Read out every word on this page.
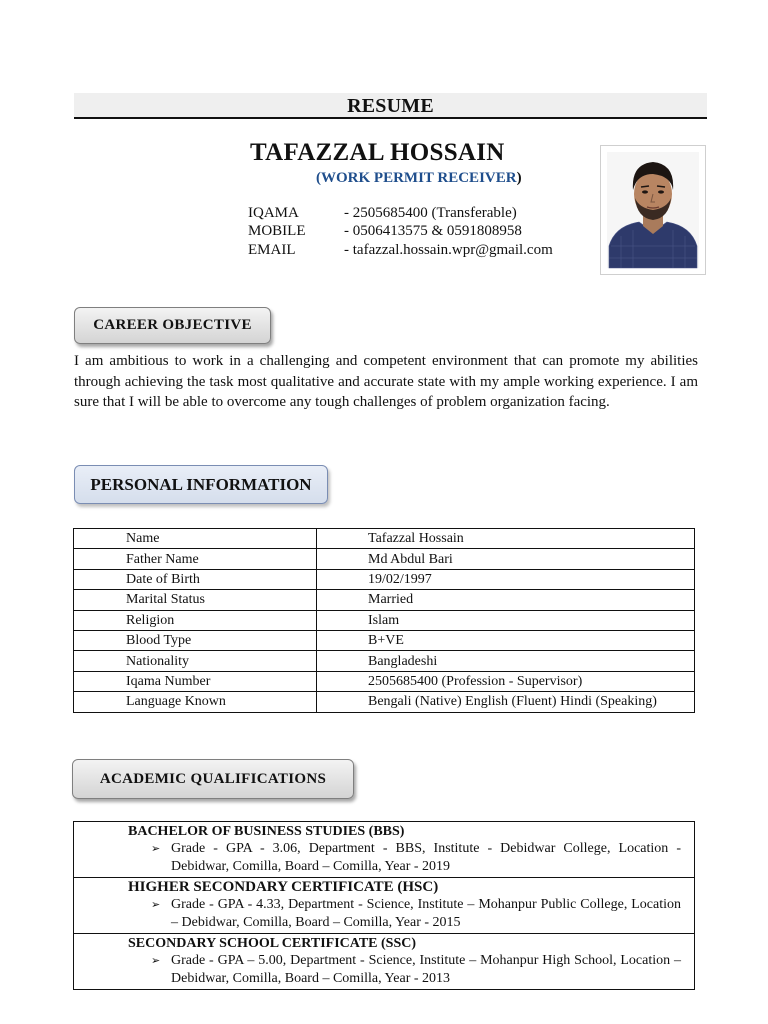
RESUME
TAFAZZAL HOSSAIN
(WORK PERMIT RECEIVER)
IQAMA	- 2505685400 (Transferable)
MOBILE	- 0506413575 & 0591808958
EMAIL	- tafazzal.hossain.wpr@gmail.com
CAREER OBJECTIVE
I am ambitious to work in a challenging and competent environment that can promote my abilities through achieving the task most qualitative and accurate state with my ample working experience. I am sure that I will be able to overcome any tough challenges of problem organization facing.
PERSONAL INFORMATION
Name	Tafazzal Hossain
Father Name	Md Abdul Bari
Date of Birth	19/02/1997
Marital Status	Married
Religion	Islam
Blood Type	B+VE
Nationality	Bangladeshi
Iqama Number	2505685400 (Profession - Supervisor)
Language Known	Bengali (Native) English (Fluent) Hindi (Speaking)
ACADEMIC QUALIFICATIONS
BACHELOR OF BUSINESS STUDIES (BBS)
➢ Grade - GPA - 3.06, Department - BBS, Institute - Debidwar College, Location - Debidwar, Comilla, Board – Comilla, Year - 2019

HIGHER SECONDARY CERTIFICATE (HSC)
➢ Grade - GPA - 4.33, Department - Science, Institute – Mohanpur Public College, Location – Debidwar, Comilla, Board – Comilla, Year - 2015

SECONDARY SCHOOL CERTIFICATE (SSC)
➢ Grade - GPA – 5.00, Department - Science, Institute – Mohanpur High School, Location – Debidwar, Comilla, Board – Comilla, Year - 2013
